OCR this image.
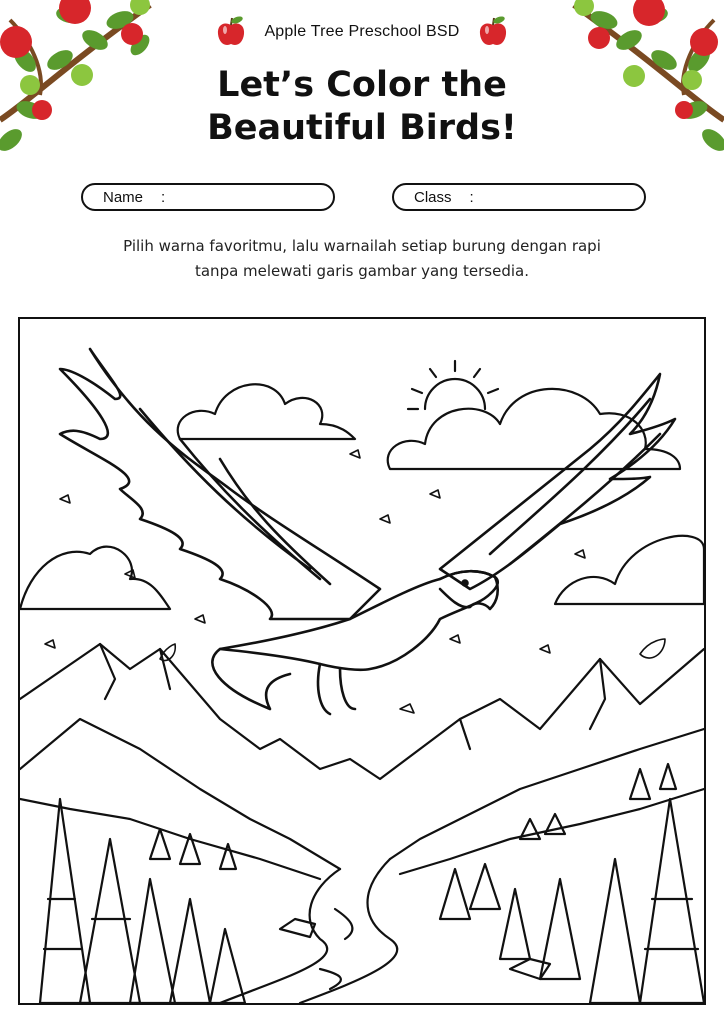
Apple Tree Preschool BSD
Let’s Color the
Beautiful Birds!
Name :	Class :
Pilih warna favoritmu, lalu warnailah setiap burung dengan rapi
tanpa melewati garis gambar yang tersedia.
